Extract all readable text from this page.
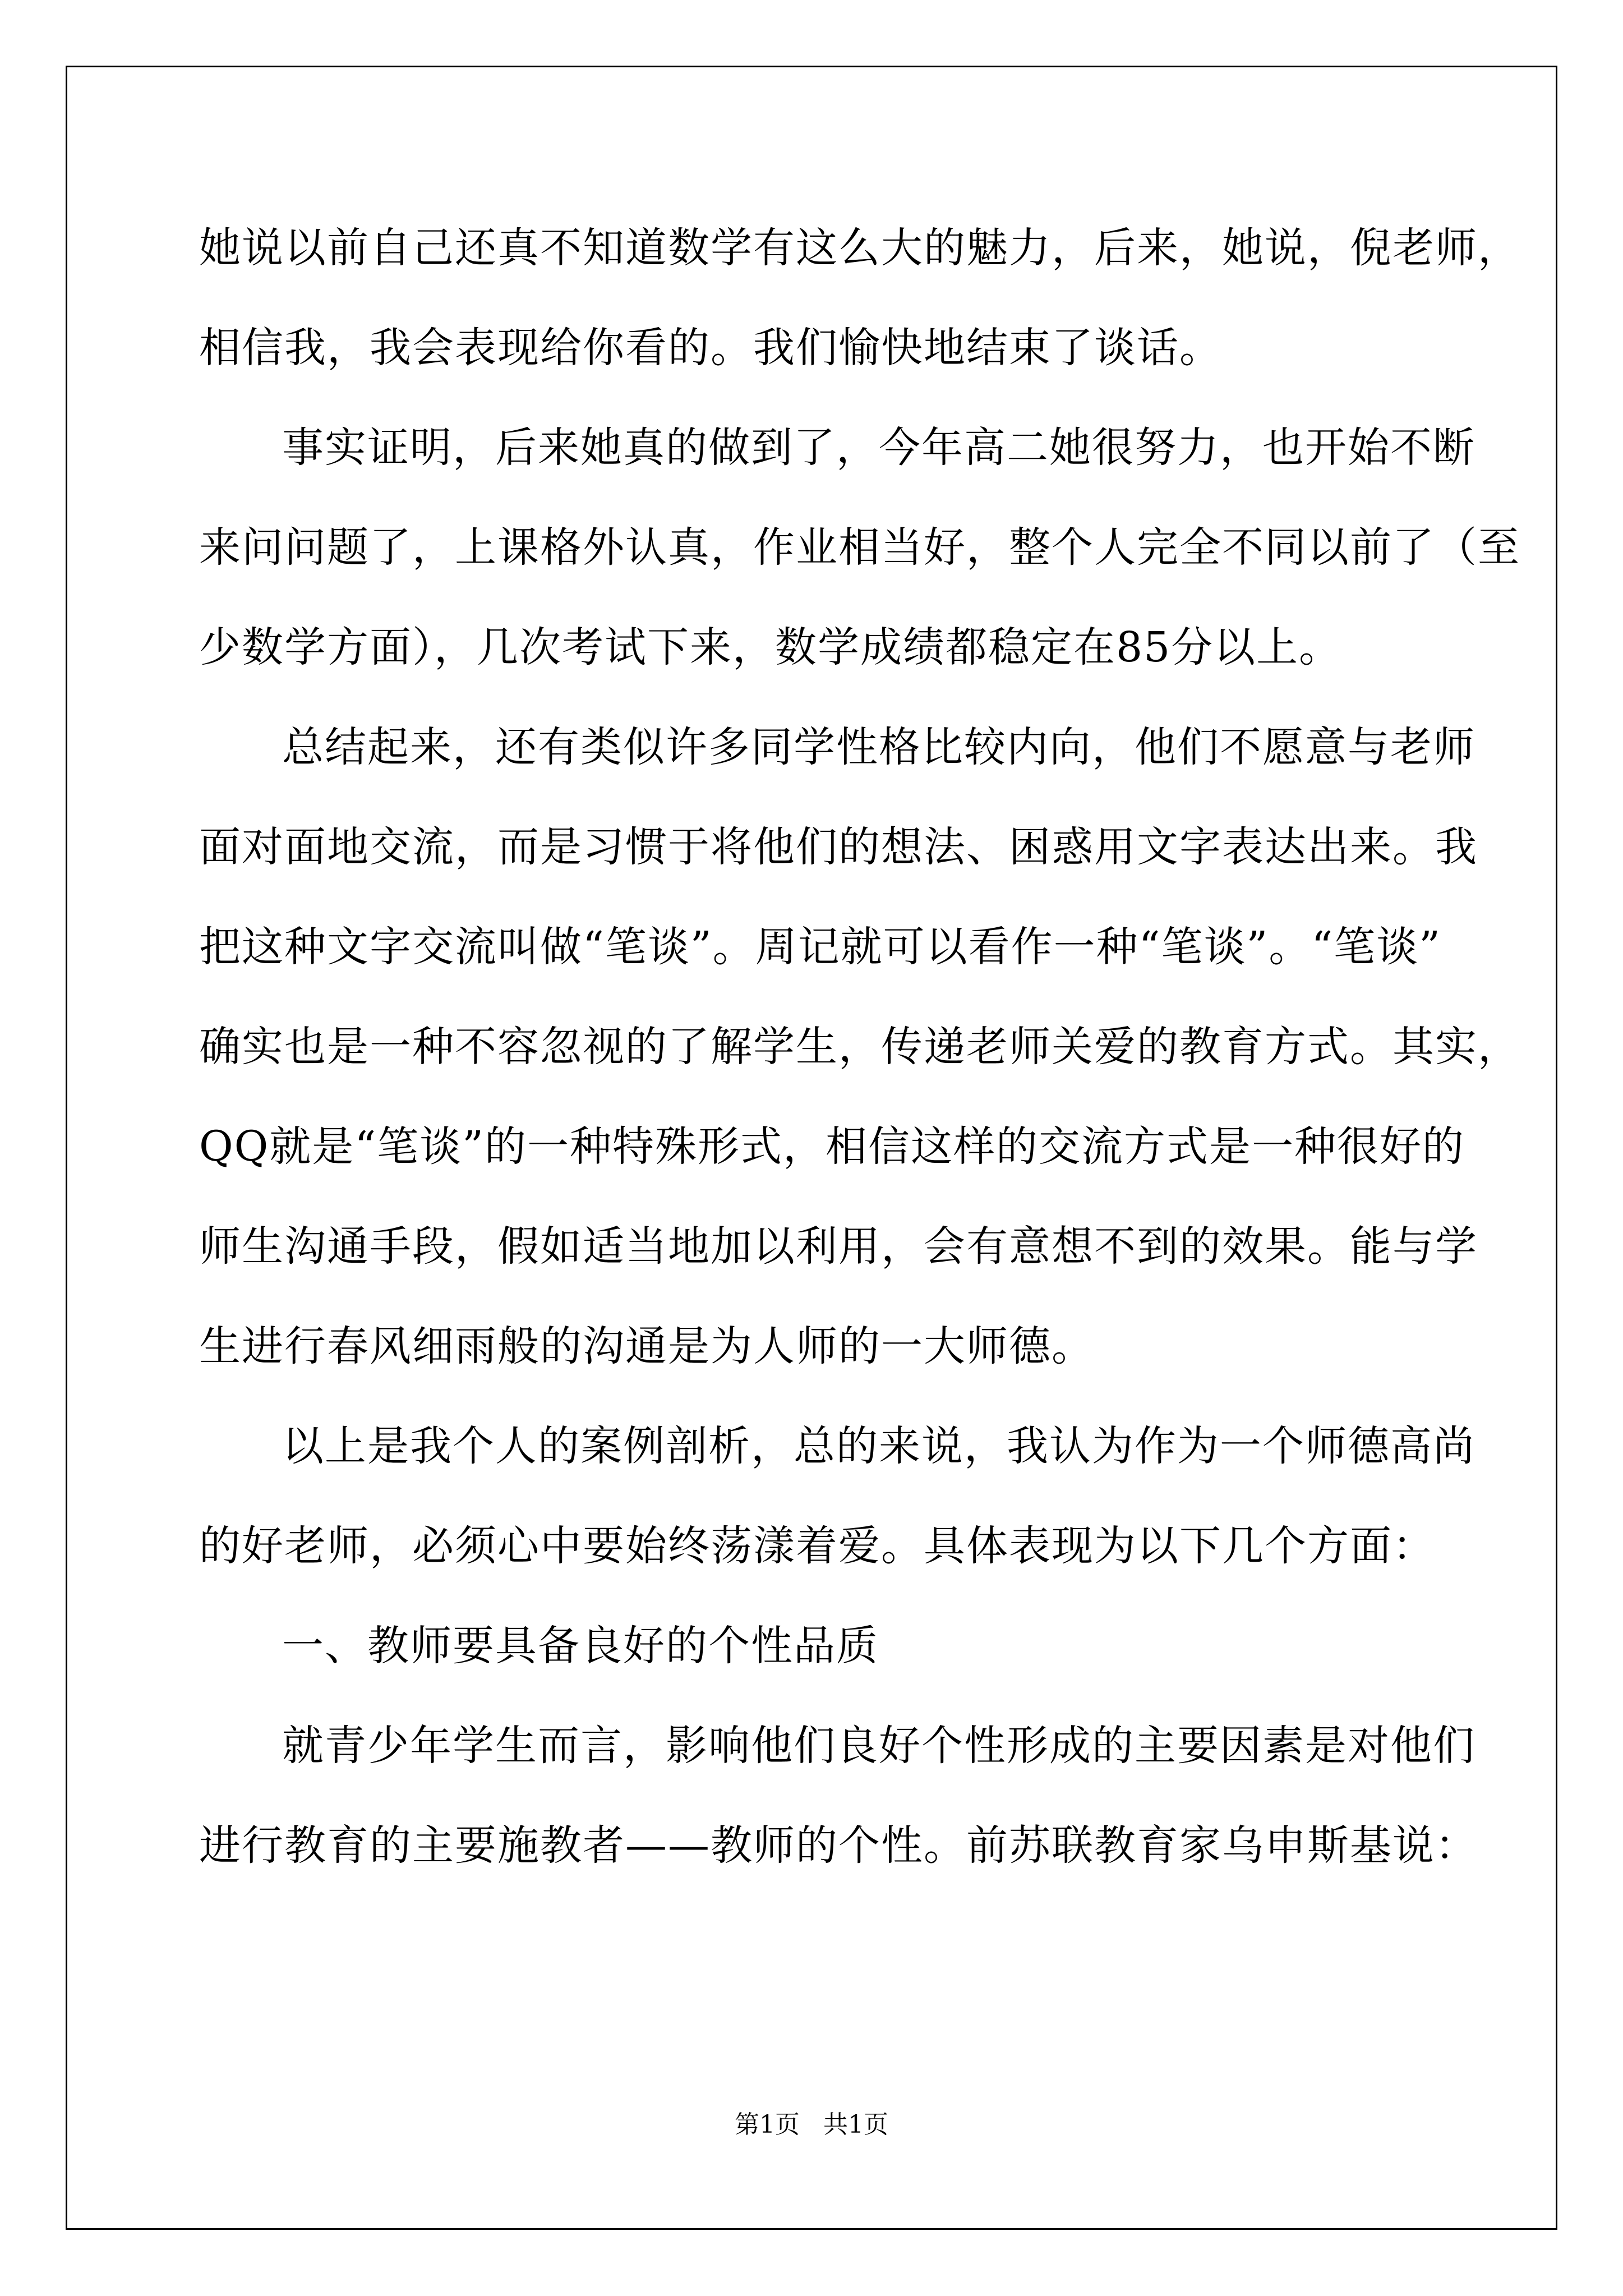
她说以前自己还真不知道数学有这么大的魅力，后来，她说，倪老师，
相信我，我会表现给你看的。我们愉快地结束了谈话。
事实证明，后来她真的做到了，今年高二她很努力，也开始不断
来问问题了，上课格外认真，作业相当好，整个人完全不同以前了（至
少数学方面），几次考试下来，数学成绩都稳定在85分以上。
总结起来，还有类似许多同学性格比较内向，他们不愿意与老师
面对面地交流，而是习惯于将他们的想法、困惑用文字表达出来。我
把这种文字交流叫做“笔谈”。周记就可以看作一种“笔谈”。“笔谈”
确实也是一种不容忽视的了解学生，传递老师关爱的教育方式。其实，
QQ就是“笔谈”的一种特殊形式，相信这样的交流方式是一种很好的
师生沟通手段，假如适当地加以利用，会有意想不到的效果。能与学
生进行春风细雨般的沟通是为人师的一大师德。
以上是我个人的案例剖析，总的来说，我认为作为一个师德高尚
的好老师，必须心中要始终荡漾着爱。具体表现为以下几个方面：
一、教师要具备良好的个性品质
就青少年学生而言，影响他们良好个性形成的主要因素是对他们
进行教育的主要施教者——教师的个性。前苏联教育家乌申斯基说：
第1页   共1页
